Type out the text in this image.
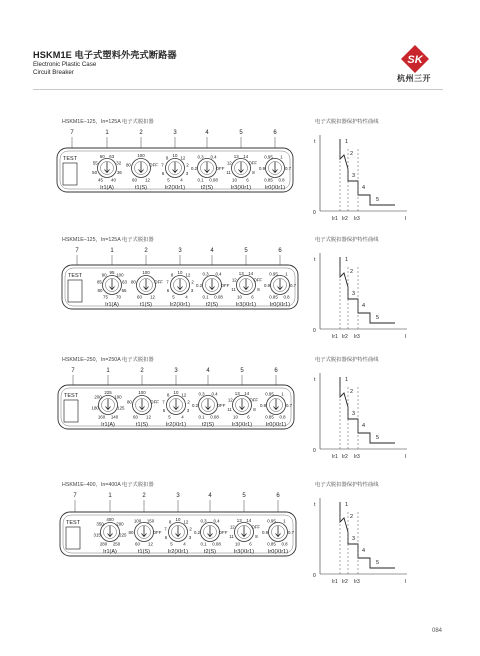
HSKM1E 电子式塑料外壳式断路器
Electronic Plastic Case
Circuit Breaker
SK
杭州三开
HSKM1E–125，In=125A 电子式脱扣器	电子式脱扣器保护特性曲线
7	1	2	3	4	5	6
TEST
45
50
55
60 63
32
36
40
Ir1(A)
60
80
100
OFF
12
t1(S)
5
6
7
8
10
12
2
3
4
Ir2(XIr1)
0.1
0.2
0.3 0.4
OFF
0.08
t2(S)
10
11
12
13 14
OFF
8
6
Ir3(XIr1)
0.85
0.9
0.95 1
0.7
0.8
Ir0(XIr1)
t
I
0
1
2
3
4
5
Ir1 Ir2 Ir3
HSKM1E–125，In=125A 电子式脱扣器	电子式脱扣器保护特性曲线
7	1	2	3	4	5	6
TEST
75
80
85
90
95
100
63
65
70
Ir1(A)
60
80
100
OFF
12
t1(S)
5
6
7
8
10
12
2
3
4
Ir2(XIr1)
0.1
0.2
0.3 0.4
OFF
0.08
t2(S)
10
11
12
13 14
OFF
8
6
Ir3(XIr1)
0.85
0.9
0.95 1
0.7
0.8
Ir0(XIr1)
t
I
0
1
2
3
4
5
Ir1 Ir2 Ir3
HSKM1E–250，In=250A 电子式脱扣器	电子式脱扣器保护特性曲线
7	1	2	3	4	5	6
TEST
160
180
200
225
100
125
140
Ir1(A)
60
80
100
OFF
12
t1(S)
5
6
7
8
10
12
2
3
4
Ir2(XIr1)
0.1
0.2
0.3 0.4
OFF
0.08
t2(S)
10
11
12
13 14
OFF
8
6
Ir3(XIr1)
0.85
0.9
0.95 1
0.7
0.8
Ir0(XIr1)
t
I
0
1
2
3
4
5
Ir1 Ir2 Ir3
HSKM1E–400，In=400A 电子式脱扣器	电子式脱扣器保护特性曲线
7	1	2	3	4	5	6
TEST
280
315
350
400
200
225
250
Ir1(A)
60
80
100 150
OFF
12
t1(S)
5
6
7
8
10
12
2
3
4
Ir2(XIr1)
0.1
0.2
0.3 0.4
OFF
0.08
t2(S)
10
11
12
13 14
OFF
8
6
Ir3(XIr1)
0.85
0.9
0.95 1
0.7
0.8
Ir0(XIr1)
t
I
0
1
2
3
4
5
Ir1 Ir2 Ir3
084
